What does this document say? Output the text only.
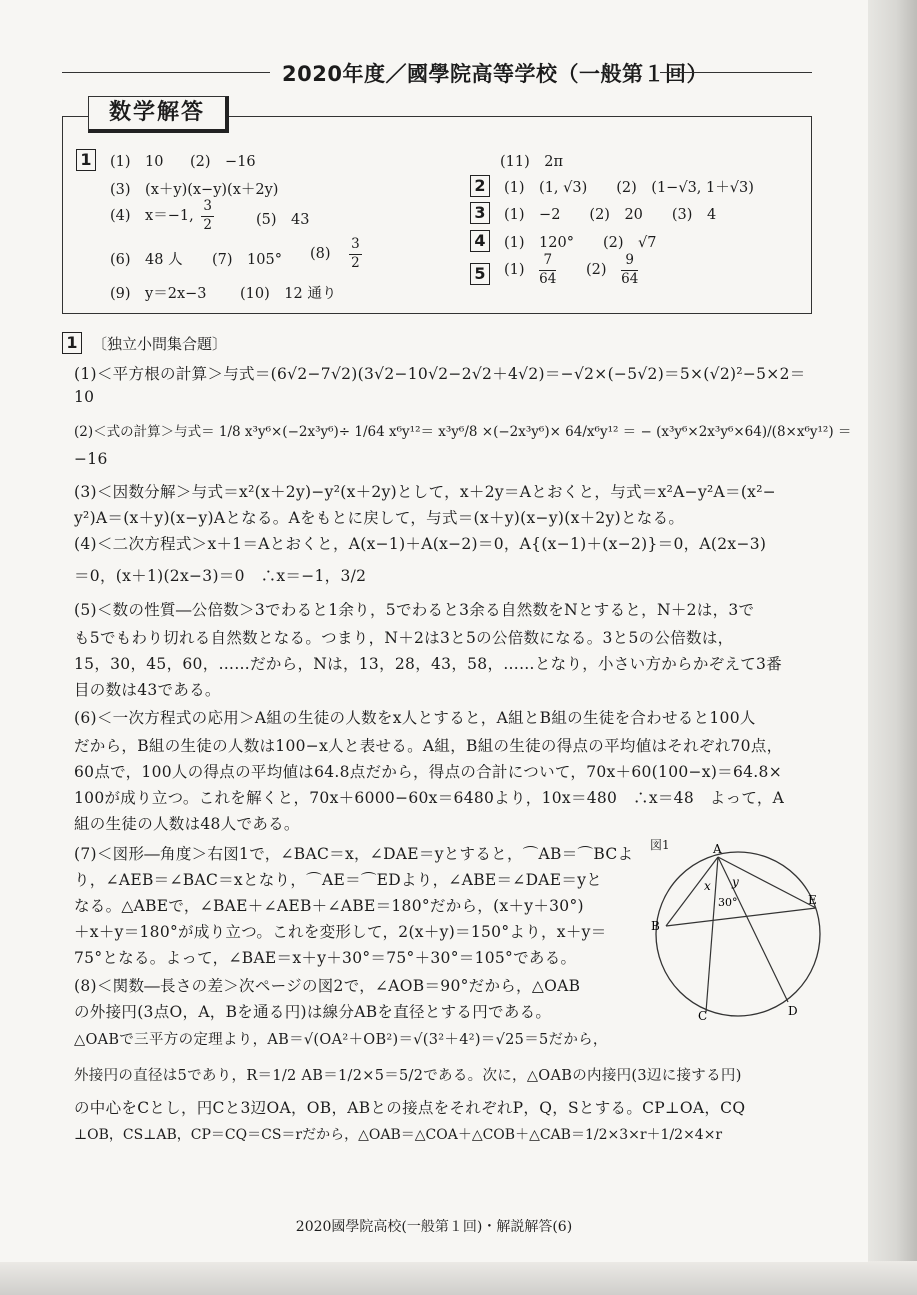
2020年度／國學院高等学校（一般第１回）
数学解答
1	(1)　10 (2)　−16
(3)　(x＋y)(x−y)(x＋2y)
(4)　x＝−1, $\frac{3}{2}$	(5)　43
(6)　48 人 (7)　105° $(8) \frac{3}{2}$
(9)　y＝2x−3 (10)　12 通り
(11)　2π
2	(1)　(1, √3)　　(2)　(1−√3, 1＋√3)
3	(1)　−2　　(2)　20　　(3)　4
4	(1)　120°　　(2)　√7
5	$(1) \frac{7}{64} (2) \frac{9}{64}$
1 〔独立小問集合題〕
(1)＜平方根の計算＞与式＝(6√2−7√2)(3√2−10√2−2√2＋4√2)＝−√2×(−5√2)＝5×(√2)²−5×2＝
10
(2)＜式の計算＞与式＝ 1/8 x³y⁶×(−2x³y⁶)÷ 1/64 x⁶y¹²＝ x³y⁶/8 ×(−2x³y⁶)× 64/x⁶y¹² ＝ − (x³y⁶×2x³y⁶×64)/(8×x⁶y¹²) ＝
−16
(3)＜因数分解＞与式＝x²(x＋2y)−y²(x＋2y)として，x＋2y＝Aとおくと，与式＝x²A−y²A＝(x²−
y²)A＝(x＋y)(x−y)Aとなる。Aをもとに戻して，与式＝(x＋y)(x−y)(x＋2y)となる。
(4)＜二次方程式＞x＋1＝Aとおくと，A(x−1)＋A(x−2)＝0，A{(x−1)＋(x−2)}＝0，A(2x−3)
＝0，(x＋1)(2x−3)＝0　∴x＝−1，3/2
(5)＜数の性質―公倍数＞3でわると1余り，5でわると3余る自然数をNとすると，N＋2は，3で
も5でもわり切れる自然数となる。つまり，N＋2は3と5の公倍数になる。3と5の公倍数は，
15，30，45，60，……だから，Nは，13，28，43，58，……となり，小さい方からかぞえて3番
目の数は43である。
(6)＜一次方程式の応用＞A組の生徒の人数をx人とすると，A組とB組の生徒を合わせると100人
だから，B組の生徒の人数は100−x人と表せる。A組，B組の生徒の得点の平均値はそれぞれ70点，
60点で，100人の得点の平均値は64.8点だから，得点の合計について，70x＋60(100−x)＝64.8×
100が成り立つ。これを解くと，70x＋6000−60x＝6480より，10x＝480　∴x＝48　よって，A
組の生徒の人数は48人である。
(7)＜図形―角度＞右図1で，∠BAC＝x，∠DAE＝yとすると，⌒AB＝⌒BCよ
り，∠AEB＝∠BAC＝xとなり，⌒AE＝⌒EDより，∠ABE＝∠DAE＝yと
なる。△ABEで，∠BAE＋∠AEB＋∠ABE＝180°だから，(x＋y＋30°)
＋x＋y＝180°が成り立つ。これを変形して，2(x＋y)＝150°より，x＋y＝
75°となる。よって，∠BAE＝x＋y＋30°＝75°＋30°＝105°である。
(8)＜関数―長さの差＞次ページの図2で，∠AOB＝90°だから，△OAB
の外接円(3点O，A，Bを通る円)は線分ABを直径とする円である。
△OABで三平方の定理より，AB＝√(OA²＋OB²)＝√(3²＋4²)＝√25＝5だから，
外接円の直径は5であり，R＝1/2 AB＝1/2×5＝5/2である。次に，△OABの内接円(3辺に接する円)
の中心をCとし，円Cと3辺OA，OB，ABとの接点をそれぞれP，Q，Sとする。CP⊥OA，CQ
⊥OB，CS⊥AB，CP＝CQ＝CS＝rだから，△OAB＝△COA＋△COB＋△CAB＝1/2×3×r＋1/2×4×r
図1	A
B
C	D
E
x y
30°
2020國學院高校(一般第１回)・解説解答(6)
